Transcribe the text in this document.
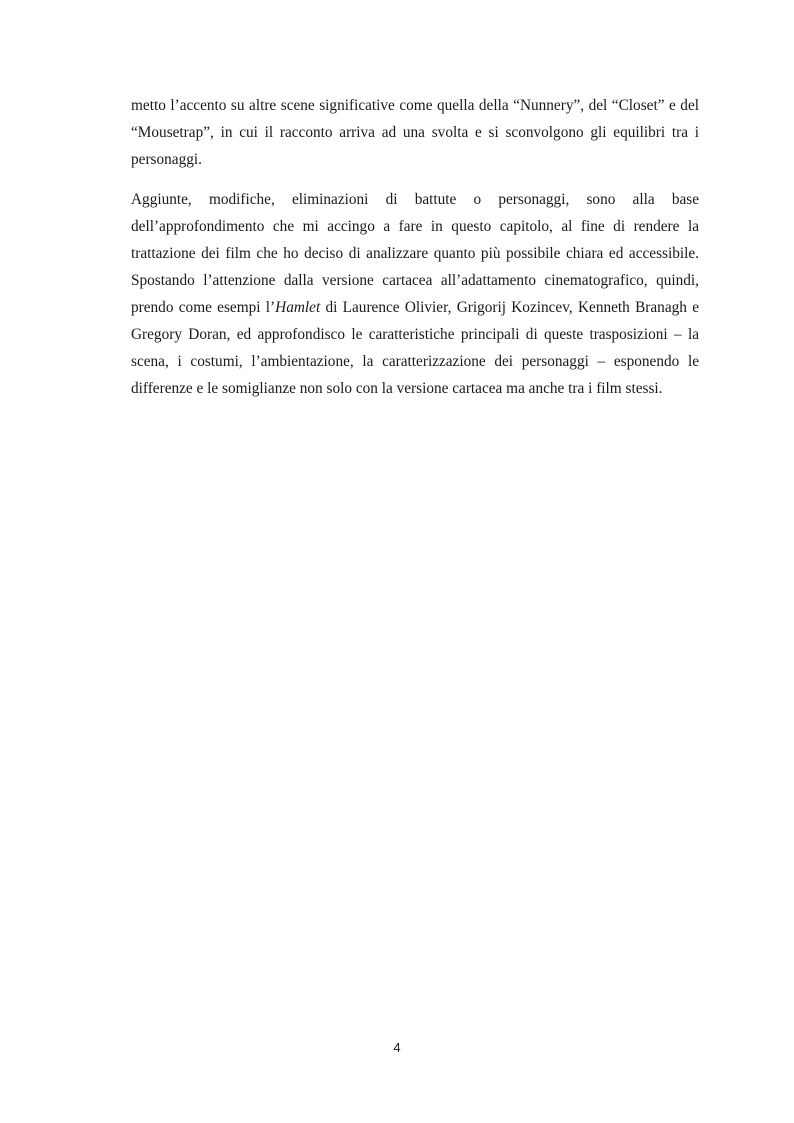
metto l’accento su altre scene significative come quella della “Nunnery”, del “Closet” e del “Mousetrap”, in cui il racconto arriva ad una svolta e si sconvolgono gli equilibri tra i personaggi.

Aggiunte, modifiche, eliminazioni di battute o personaggi, sono alla base dell’approfondimento che mi accingo a fare in questo capitolo, al fine di rendere la trattazione dei film che ho deciso di analizzare quanto più possibile chiara ed accessibile. Spostando l’attenzione dalla versione cartacea all’adattamento cinematografico, quindi, prendo come esempi l’Hamlet di Laurence Olivier, Grigorij Kozincev, Kenneth Branagh e Gregory Doran, ed approfondisco le caratteristiche principali di queste trasposizioni – la scena, i costumi, l’ambientazione, la caratterizzazione dei personaggi – esponendo le differenze e le somiglianze non solo con la versione cartacea ma anche tra i film stessi.

4
